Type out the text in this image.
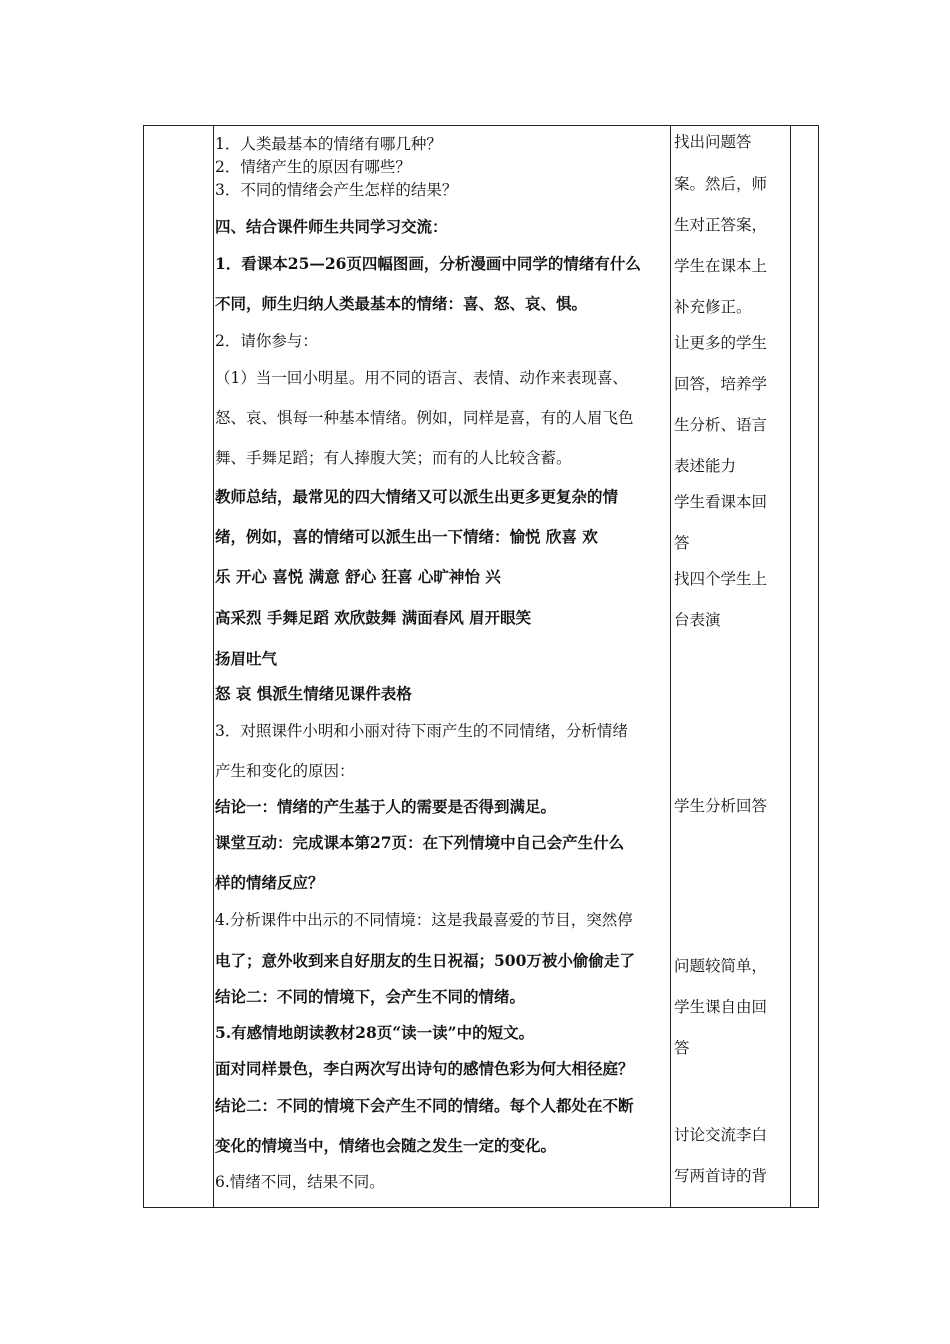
1．人类最基本的情绪有哪几种？
2．情绪产生的原因有哪些？
3．不同的情绪会产生怎样的结果？
四、结合课件师生共同学习交流：
1．看课本25—26页四幅图画，分析漫画中同学的情绪有什么
不同，师生归纳人类最基本的情绪：喜、怒、哀、惧。
2．请你参与：
（1）当一回小明星。用不同的语言、表情、动作来表现喜、
怒、哀、惧每一种基本情绪。例如，同样是喜，有的人眉飞色
舞、手舞足蹈；有人捧腹大笑；而有的人比较含蓄。
教师总结，最常见的四大情绪又可以派生出更多更复杂的情
绪，例如，喜的情绪可以派生出一下情绪：愉悦 欣喜 欢
乐 开心 喜悦 满意 舒心 狂喜 心旷神怡 兴
高采烈 手舞足蹈 欢欣鼓舞 满面春风 眉开眼笑
扬眉吐气
怒 哀 惧派生情绪见课件表格
3．对照课件小明和小丽对待下雨产生的不同情绪，分析情绪
产生和变化的原因：
结论一：情绪的产生基于人的需要是否得到满足。
课堂互动：完成课本第27页：在下列情境中自己会产生什么
样的情绪反应？
4.分析课件中出示的不同情境：这是我最喜爱的节目，突然停
电了；意外收到来自好朋友的生日祝福；500万被小偷偷走了
结论二：不同的情境下，会产生不同的情绪。
5.有感情地朗读教材28页“读一读”中的短文。
面对同样景色，李白两次写出诗句的感情色彩为何大相径庭？
结论二：不同的情境下会产生不同的情绪。每个人都处在不断
变化的情境当中，情绪也会随之发生一定的变化。
6.情绪不同，结果不同。
找出问题答
案。然后，师
生对正答案，
学生在课本上
补充修正。
让更多的学生
回答，培养学
生分析、语言
表述能力
学生看课本回
答
找四个学生上
台表演
学生分析回答
问题较简单，
学生课自由回
答
讨论交流李白
写两首诗的背
